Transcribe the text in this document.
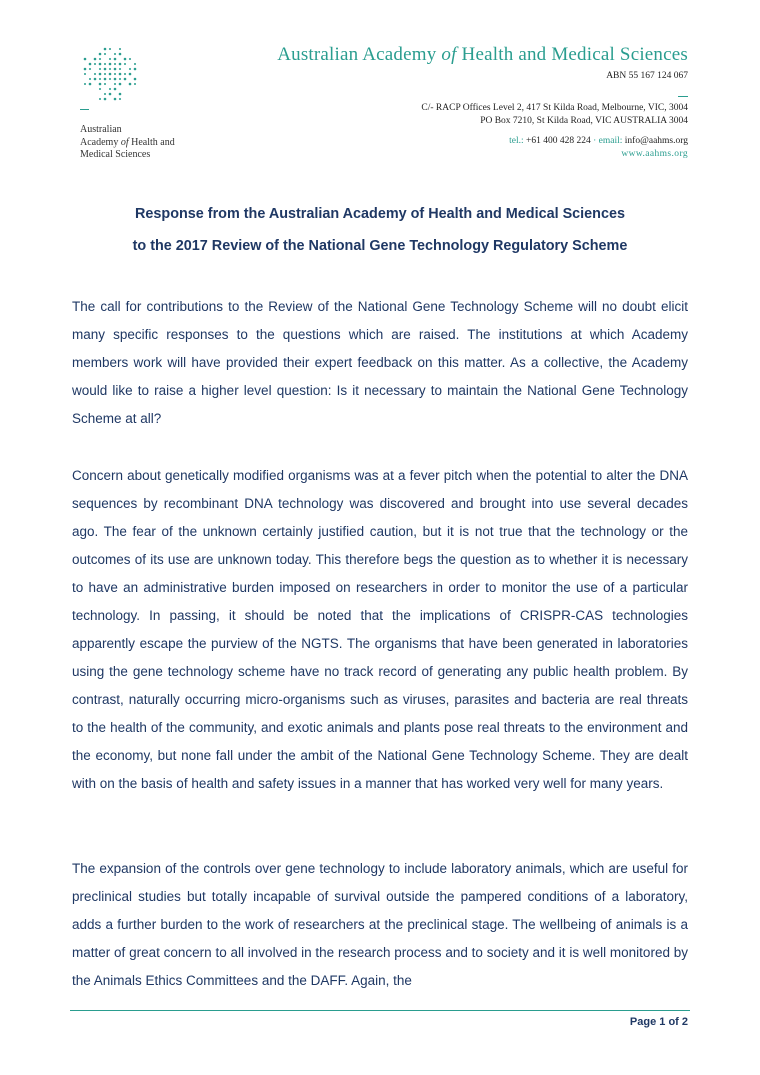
Australian
Academy of Health and
Medical Sciences
Australian Academy of Health and Medical Sciences
ABN 55 167 124 067
C/- RACP Offices Level 2, 417 St Kilda Road, Melbourne, VIC, 3004
PO Box 7210, St Kilda Road, VIC AUSTRALIA 3004
tel.: +61 400 428 224 · email: info@aahms.org
www.aahms.org
Response from the Australian Academy of Health and Medical Sciences
to the 2017 Review of the National Gene Technology Regulatory Scheme

The call for contributions to the Review of the National Gene Technology Scheme will no doubt elicit many specific responses to the questions which are raised. The institutions at which Academy members work will have provided their expert feedback on this matter. As a collective, the Academy would like to raise a higher level question: Is it necessary to maintain the National Gene Technology Scheme at all?

Concern about genetically modified organisms was at a fever pitch when the potential to alter the DNA sequences by recombinant DNA technology was discovered and brought into use several decades ago. The fear of the unknown certainly justified caution, but it is not true that the technology or the outcomes of its use are unknown today. This therefore begs the question as to whether it is necessary to have an administrative burden imposed on researchers in order to monitor the use of a particular technology. In passing, it should be noted that the implications of CRISPR-CAS technologies apparently escape the purview of the NGTS. The organisms that have been generated in laboratories using the gene technology scheme have no track record of generating any public health problem. By contrast, naturally occurring micro-organisms such as viruses, parasites and bacteria are real threats to the health of the community, and exotic animals and plants pose real threats to the environment and the economy, but none fall under the ambit of the National Gene Technology Scheme. They are dealt with on the basis of health and safety issues in a manner that has worked very well for many years.

The expansion of the controls over gene technology to include laboratory animals, which are useful for preclinical studies but totally incapable of survival outside the pampered conditions of a laboratory, adds a further burden to the work of researchers at the preclinical stage. The wellbeing of animals is a matter of great concern to all involved in the research process and to society and it is well monitored by the Animals Ethics Committees and the DAFF. Again, the

Page 1 of 2
